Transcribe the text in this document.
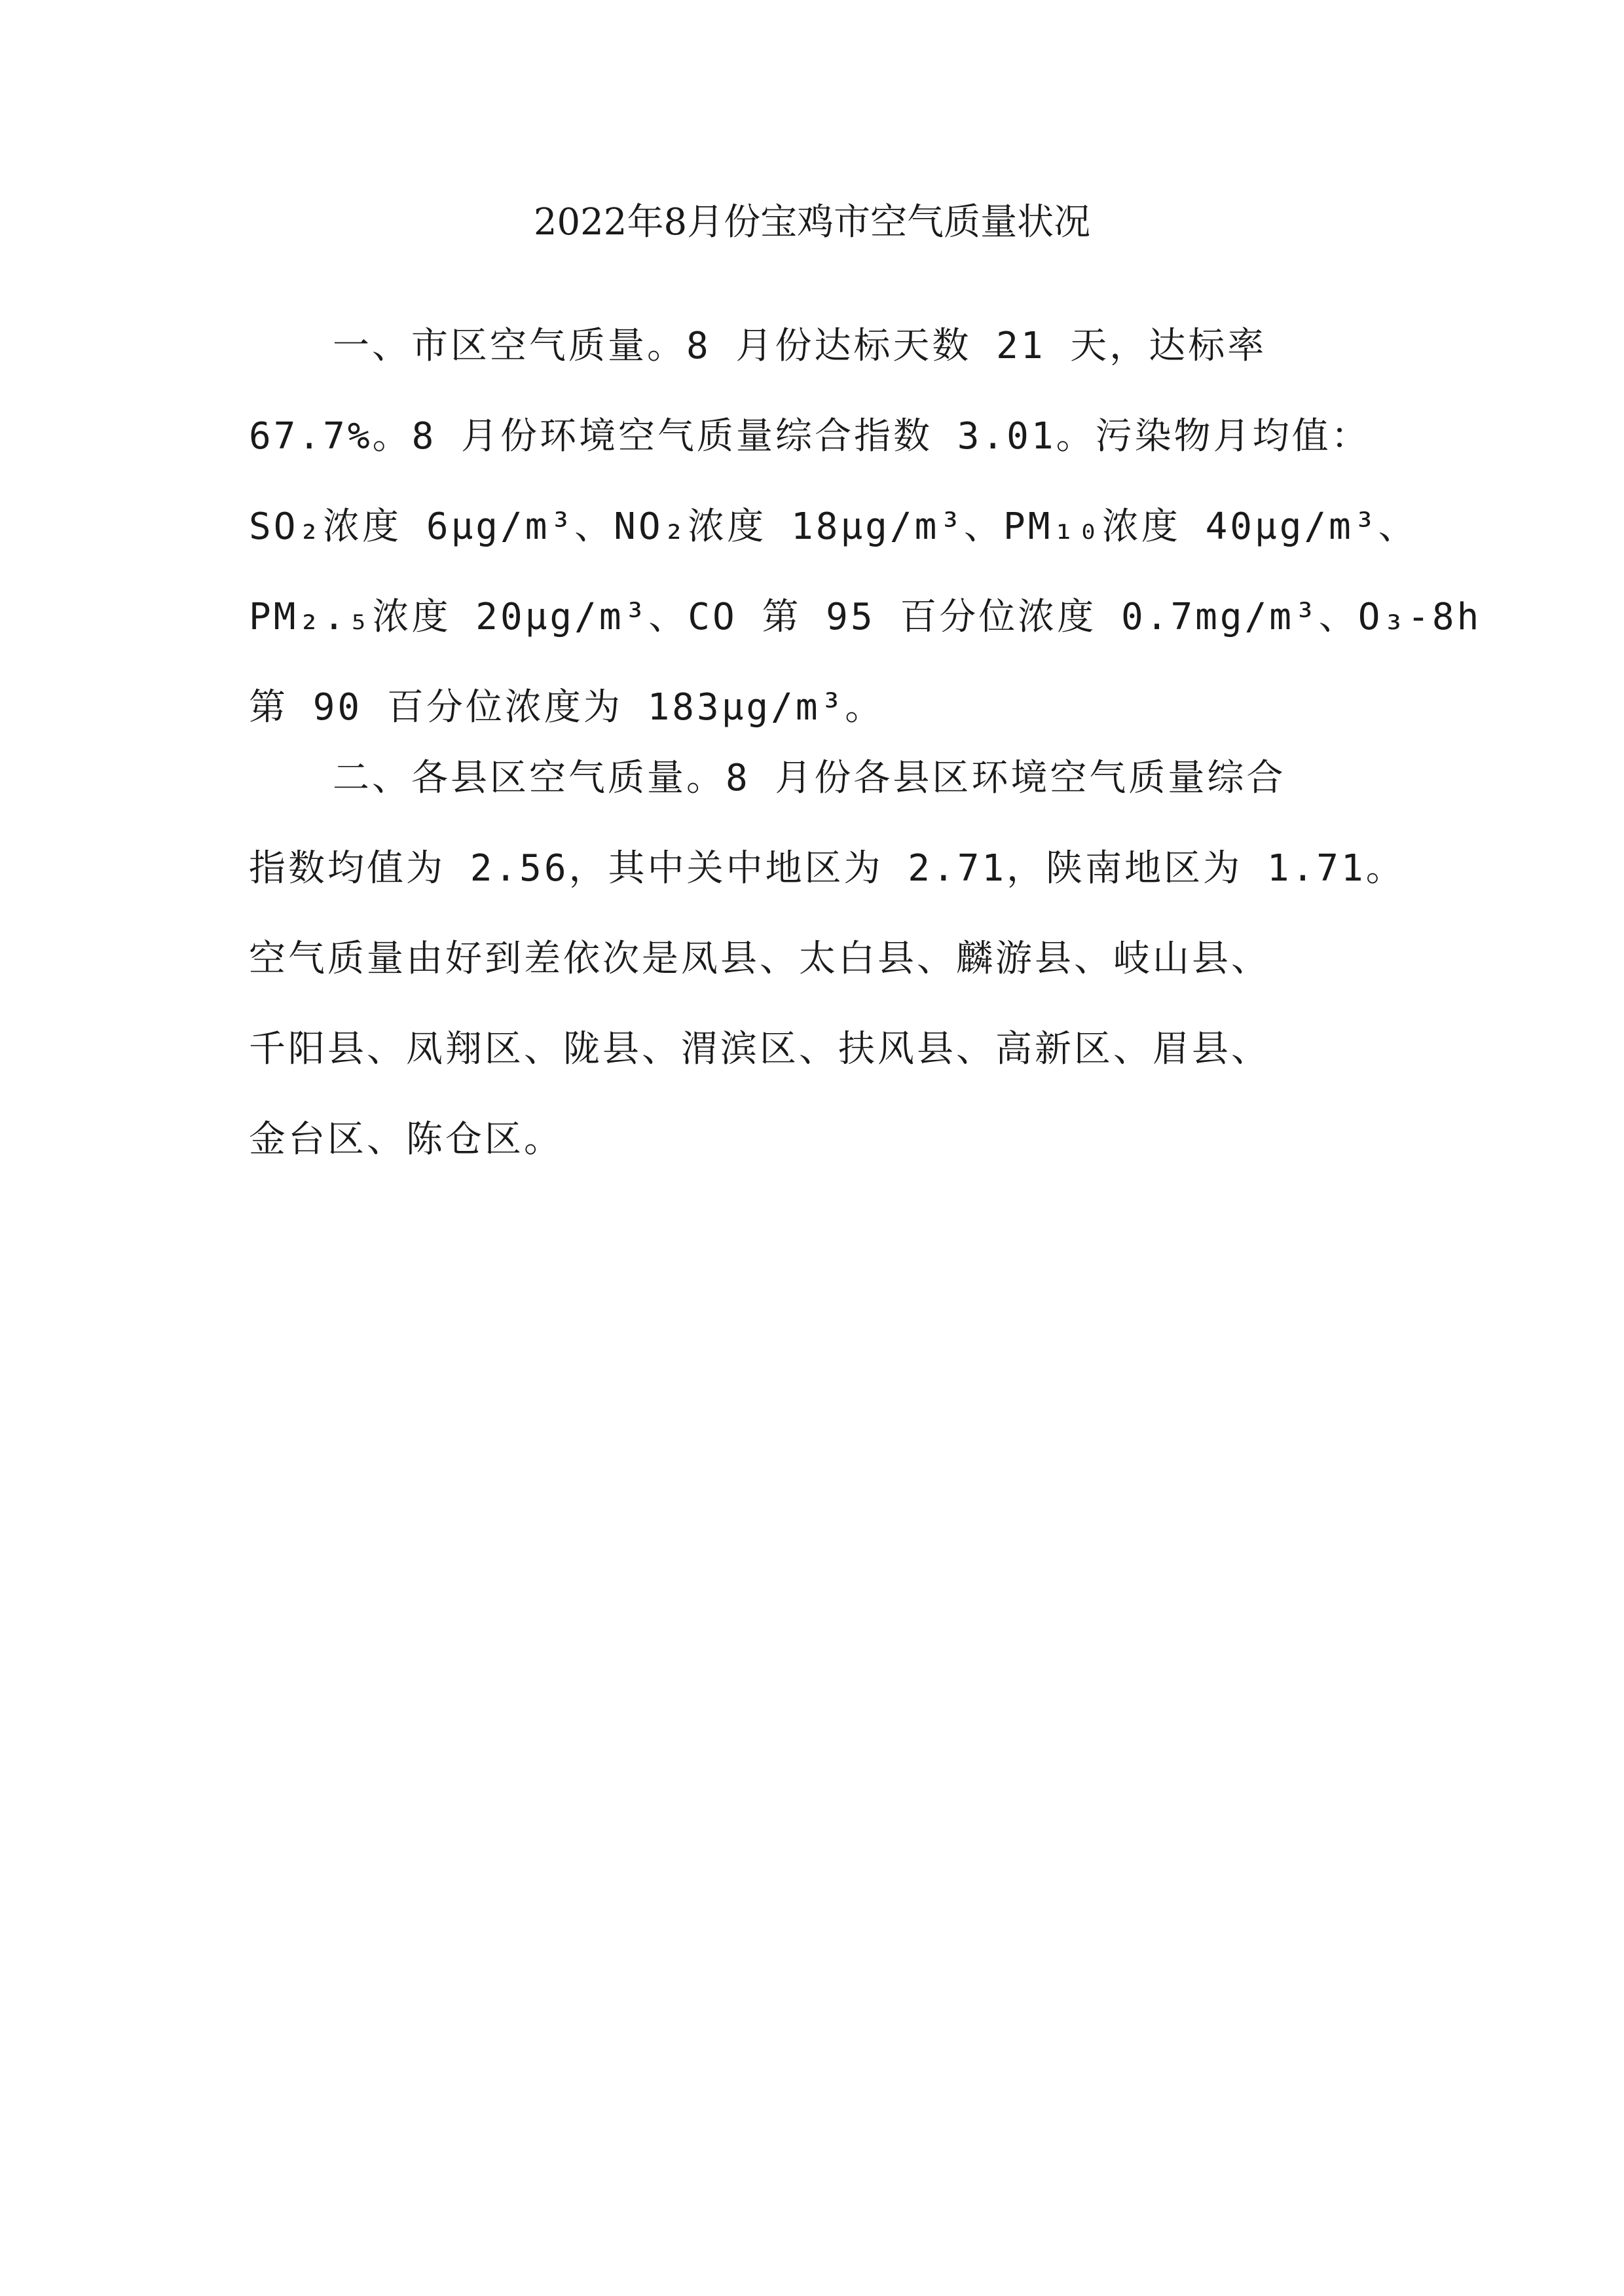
2022年8月份宝鸡市空气质量状况
一、市区空气质量。8 月份达标天数 21 天，达标率
67.7%。8 月份环境空气质量综合指数 3.01。污染物月均值：
SO₂浓度 6μg/m³、NO₂浓度 18μg/m³、PM₁₀浓度 40μg/m³、
PM₂.₅浓度 20μg/m³、CO 第 95 百分位浓度 0.7mg/m³、O₃-8h
第 90 百分位浓度为 183μg/m³。
二、各县区空气质量。8 月份各县区环境空气质量综合
指数均值为 2.56，其中关中地区为 2.71，陕南地区为 1.71。
空气质量由好到差依次是凤县、太白县、麟游县、岐山县、
千阳县、凤翔区、陇县、渭滨区、扶风县、高新区、眉县、
金台区、陈仓区。
